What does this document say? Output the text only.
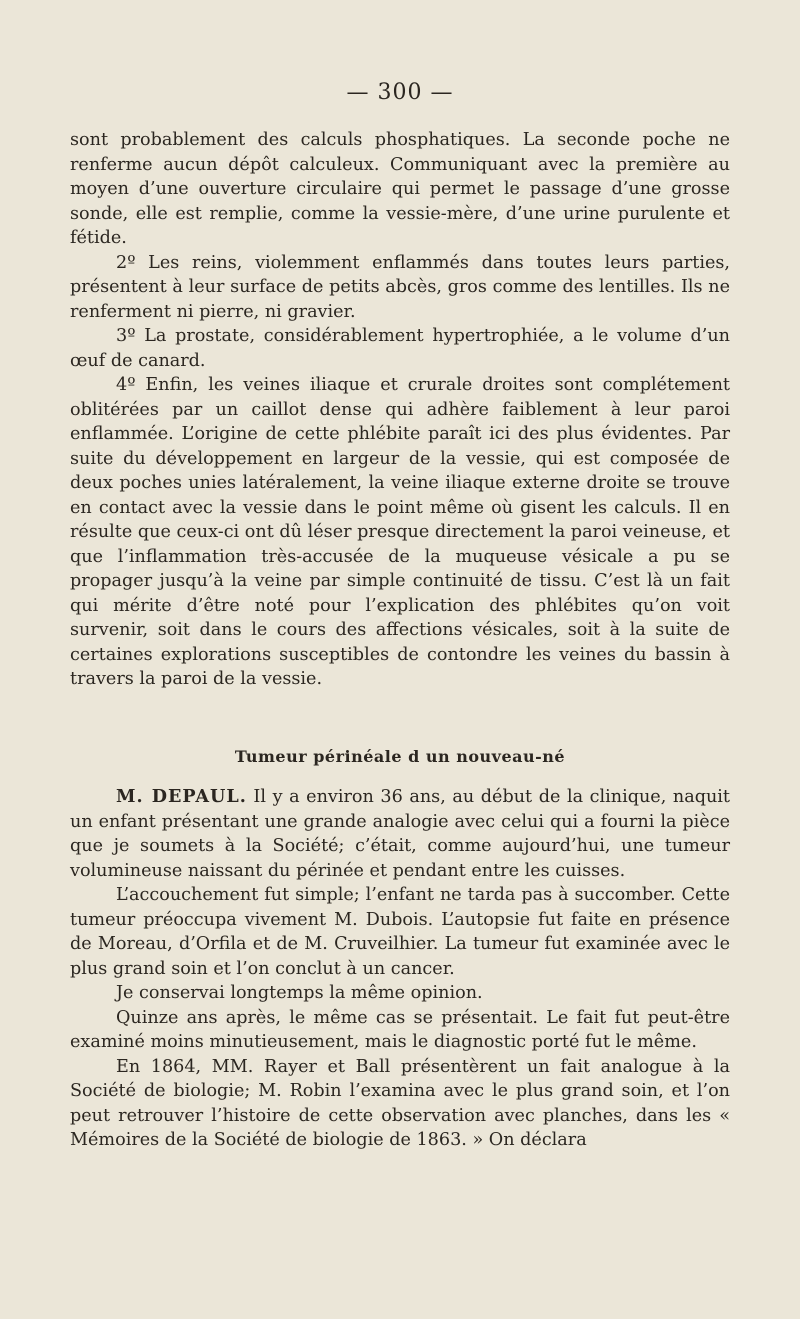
— 300 —

sont probablement des calculs phosphatiques. La seconde poche ne renferme aucun dépôt calculeux. Communiquant avec la première au moyen d’une ouverture circulaire qui permet le passage d’une grosse sonde, elle est remplie, comme la vessie-mère, d’une urine purulente et fétide.

2º Les reins, violemment enflammés dans toutes leurs parties, présentent à leur surface de petits abcès, gros comme des lentilles. Ils ne renferment ni pierre, ni gravier.

3º La prostate, considérablement hypertrophiée, a le volume d’un œuf de canard.

4º Enfin, les veines iliaque et crurale droites sont complétement oblitérées par un caillot dense qui adhère faiblement à leur paroi enflammée. L’origine de cette phlébite paraît ici des plus évidentes. Par suite du développement en largeur de la vessie, qui est composée de deux poches unies latéralement, la veine iliaque externe droite se trouve en contact avec la vessie dans le point même où gisent les calculs. Il en résulte que ceux-ci ont dû léser presque directement la paroi veineuse, et que l’inflammation très-accusée de la muqueuse vésicale a pu se propager jusqu’à la veine par simple continuité de tissu. C’est là un fait qui mérite d’être noté pour l’explication des phlébites qu’on voit survenir, soit dans le cours des affections vésicales, soit à la suite de certaines explorations susceptibles de contondre les veines du bassin à travers la paroi de la vessie.

Tumeur périnéale d un nouveau-né

M. DEPAUL. Il y a environ 36 ans, au début de la clinique, naquit un enfant présentant une grande analogie avec celui qui a fourni la pièce que je soumets à la Société; c’était, comme aujourd’hui, une tumeur volumineuse naissant du périnée et pendant entre les cuisses.

L’accouchement fut simple; l’enfant ne tarda pas à succomber. Cette tumeur préoccupa vivement M. Dubois. L’autopsie fut faite en présence de Moreau, d’Orfila et de M. Cruveilhier. La tumeur fut examinée avec le plus grand soin et l’on conclut à un cancer.

Je conservai longtemps la même opinion.

Quinze ans après, le même cas se présentait. Le fait fut peut-être examiné moins minutieusement, mais le diagnostic porté fut le même.

En 1864, MM. Rayer et Ball présentèrent un fait analogue à la Société de biologie; M. Robin l’examina avec le plus grand soin, et l’on peut retrouver l’histoire de cette observation avec planches, dans les « Mémoires de la Société de biologie de 1863. » On déclara
